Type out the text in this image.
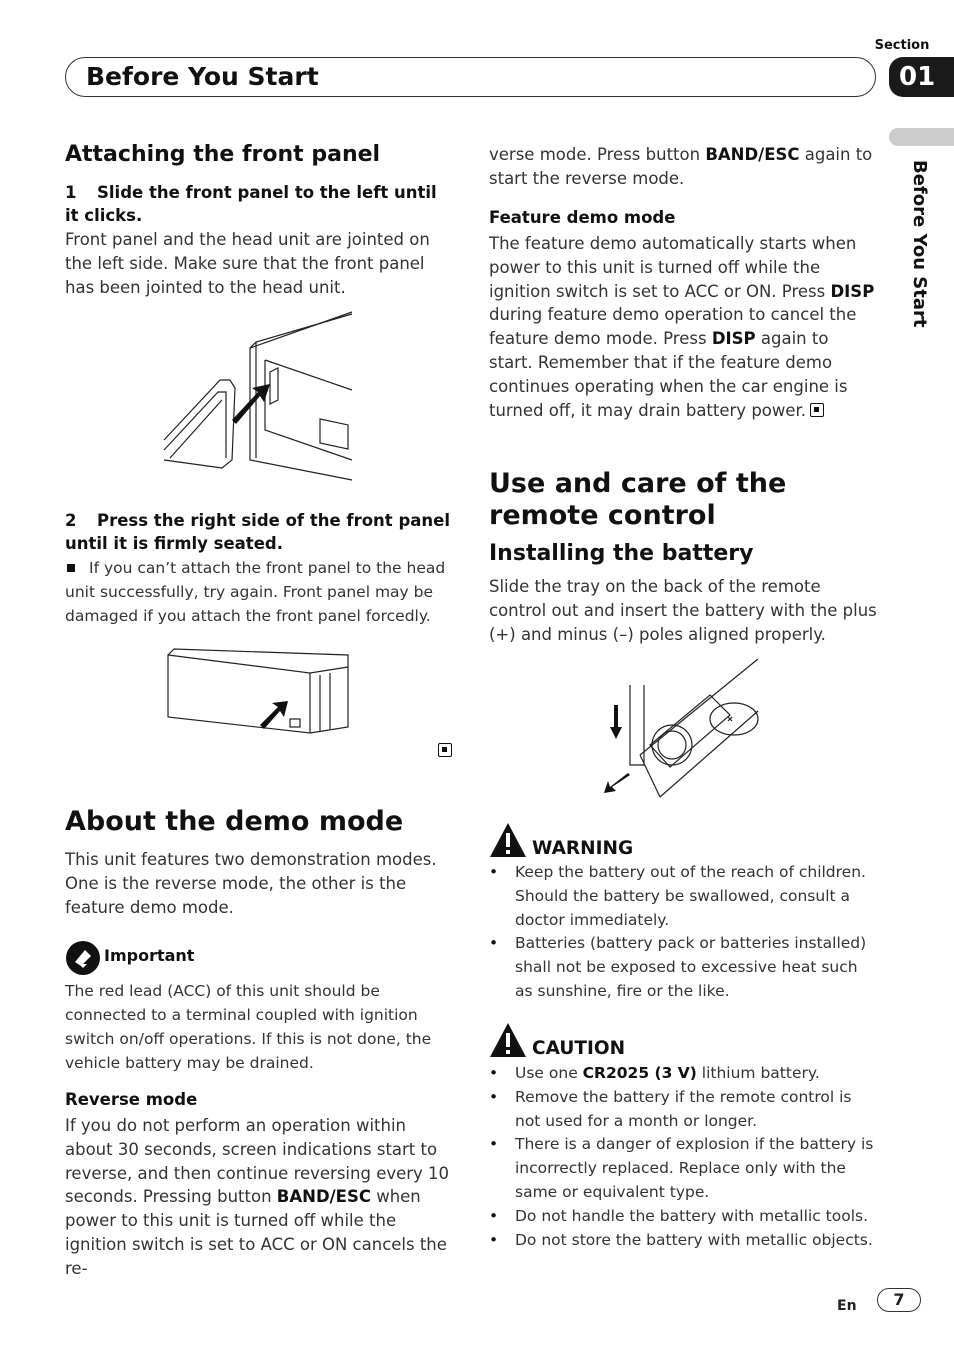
Section
Before You Start	01
Before You Start
Attaching the front panel
1 Slide the front panel to the left until it clicks.
Front panel and the head unit are jointed on the left side. Make sure that the front panel has been jointed to the head unit.
2 Press the right side of the front panel until it is firmly seated.
If you can’t attach the front panel to the head unit successfully, try again. Front panel may be damaged if you attach the front panel forcedly.
About the demo mode
This unit features two demonstration modes. One is the reverse mode, the other is the feature demo mode.
Important
The red lead (ACC) of this unit should be connected to a terminal coupled with ignition switch on/off operations. If this is not done, the vehicle battery may be drained.
Reverse mode
If you do not perform an operation within about 30 seconds, screen indications start to reverse, and then continue reversing every 10 seconds. Pressing button BAND/ESC when power to this unit is turned off while the ignition switch is set to ACC or ON cancels the re-
verse mode. Press button BAND/ESC again to start the reverse mode.
Feature demo mode
The feature demo automatically starts when power to this unit is turned off while the ignition switch is set to ACC or ON. Press DISP during feature demo operation to cancel the feature demo mode. Press DISP again to start. Remember that if the feature demo continues operating when the car engine is turned off, it may drain battery power.
Use and care of the remote control
Installing the battery
Slide the tray on the back of the remote control out and insert the battery with the plus (+) and minus (–) poles aligned properly.
WARNING
• Keep the battery out of the reach of children. Should the battery be swallowed, consult a doctor immediately.
• Batteries (battery pack or batteries installed) shall not be exposed to excessive heat such as sunshine, fire or the like.
CAUTION
• Use one CR2025 (3 V) lithium battery.
• Remove the battery if the remote control is not used for a month or longer.
• There is a danger of explosion if the battery is incorrectly replaced. Replace only with the same or equivalent type.
• Do not handle the battery with metallic tools.
• Do not store the battery with metallic objects.
En	7
